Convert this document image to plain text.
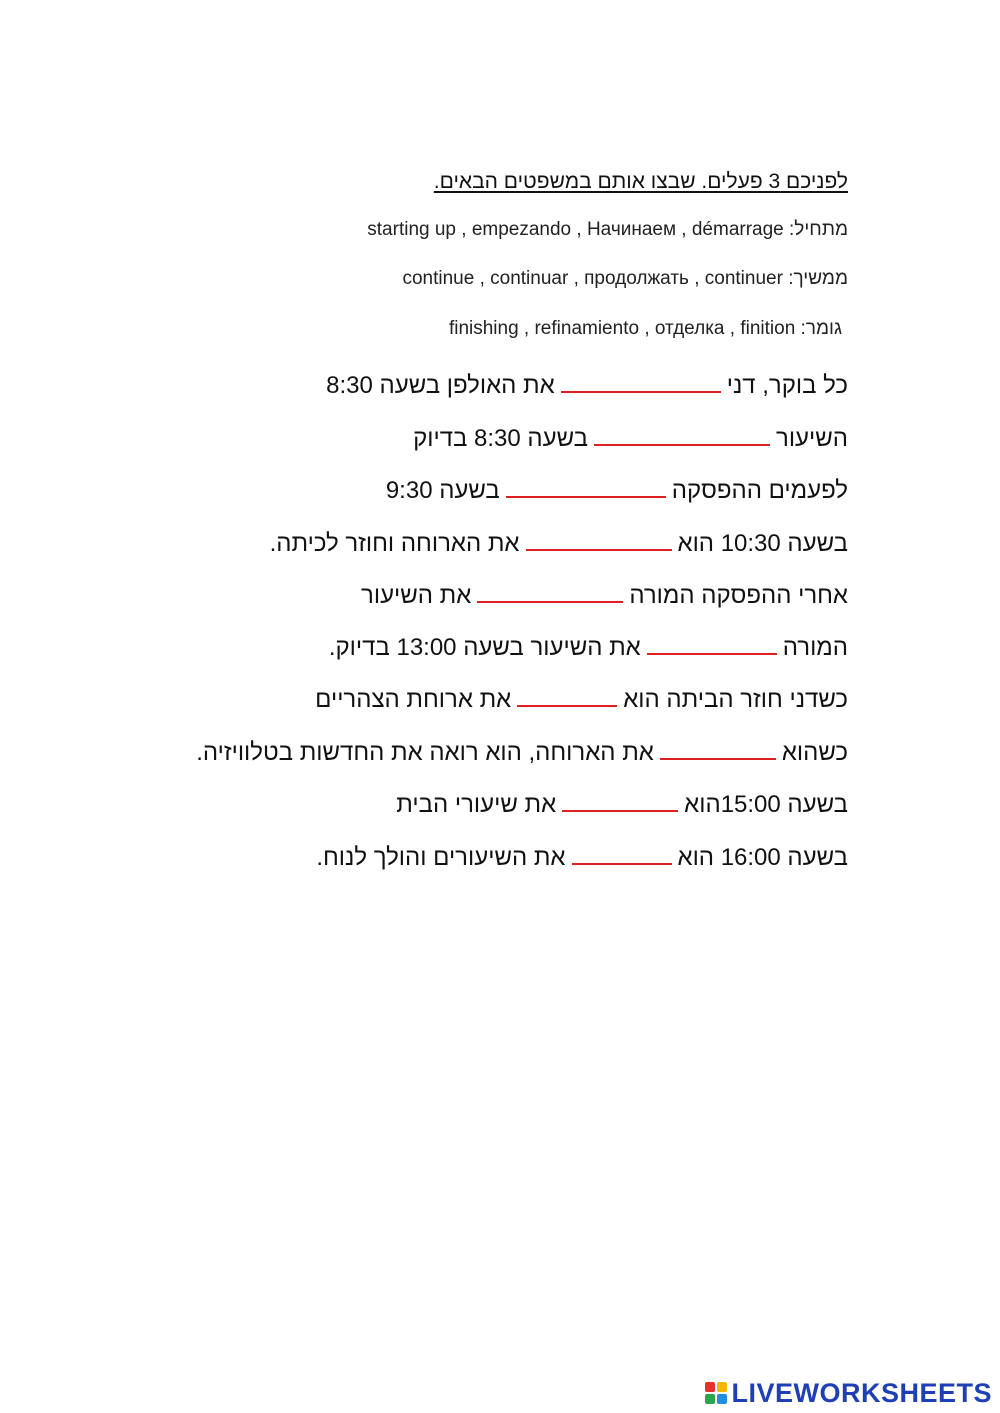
לפניכם 3 פעלים. שבצו אותם במשפטים הבאים.
מתחיל: starting up , empezando , Начинаем , démarrage
ממשיך: continue , continuar , продолжать , continuer
גומר: finishing , refinamiento , отделка , finition
כל בוקר, דניאת האולפן בשעה 8:30
השיעורבשעה 8:30 בדיוק
לפעמים ההפסקהבשעה 9:30
בשעה 10:30 הואאת הארוחה וחוזר לכיתה.
אחרי ההפסקה המורהאת השיעור
המורהאת השיעור בשעה 13:00 בדיוק.
כשדני חוזר הביתה הואאת ארוחת הצהריים
כשהואאת הארוחה, הוא רואה את החדשות בטלוויזיה.
בשעה 15:00הואאת שיעורי הבית
בשעה 16:00 הואאת השיעורים והולך לנוח.
LIVEWORKSHEETS
